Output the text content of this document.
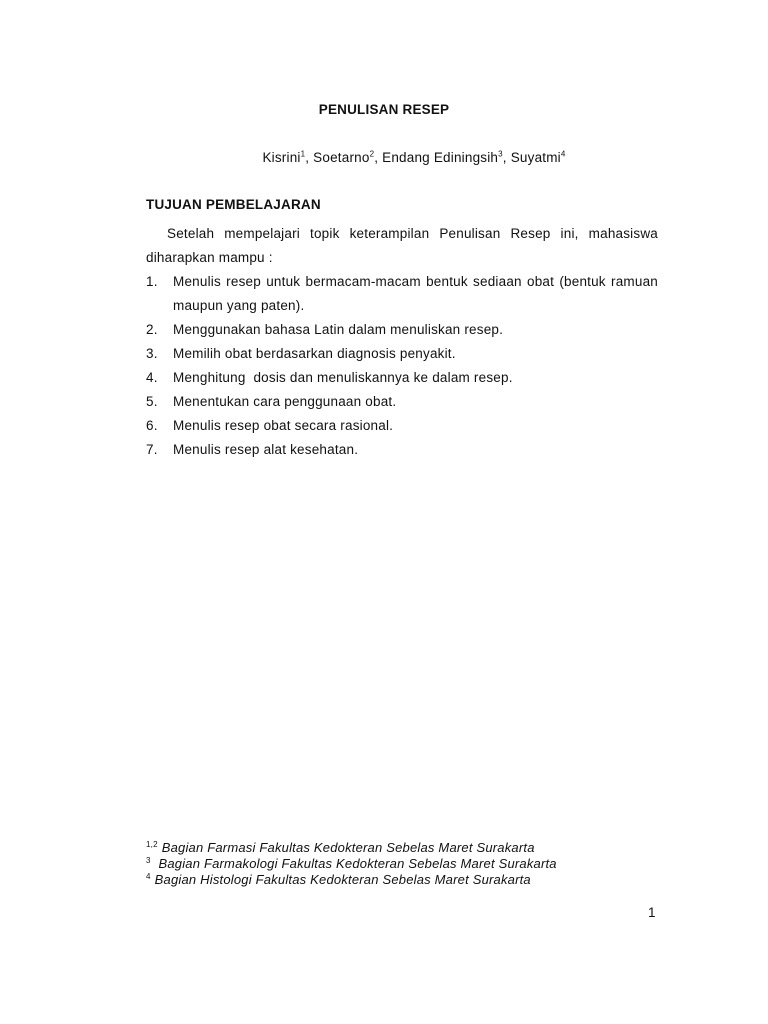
PENULISAN RESEP
Kisrini$^1$, Soetarno$^2$, Endang Ediningsih$^3$, Suyatmi$^4$
TUJUAN PEMBELAJARAN
Setelah mempelajari topik keterampilan Penulisan Resep ini, mahasiswa
diharapkan mampu :
1. Menulis resep untuk bermacam-macam bentuk sediaan obat (bentuk ramuan maupun yang paten).
2. Menggunakan bahasa Latin dalam menuliskan resep.
3. Memilih obat berdasarkan diagnosis penyakit.
4. Menghitung  dosis dan menuliskannya ke dalam resep.
5. Menentukan cara penggunaan obat.
6. Menulis resep obat secara rasional.
7. Menulis resep alat kesehatan.
$^{1,2}$ Bagian Farmasi Fakultas Kedokteran Sebelas Maret Surakarta
$^3$ Bagian Farmakologi Fakultas Kedokteran Sebelas Maret Surakarta
$^4$ Bagian Histologi Fakultas Kedokteran Sebelas Maret Surakarta
1
